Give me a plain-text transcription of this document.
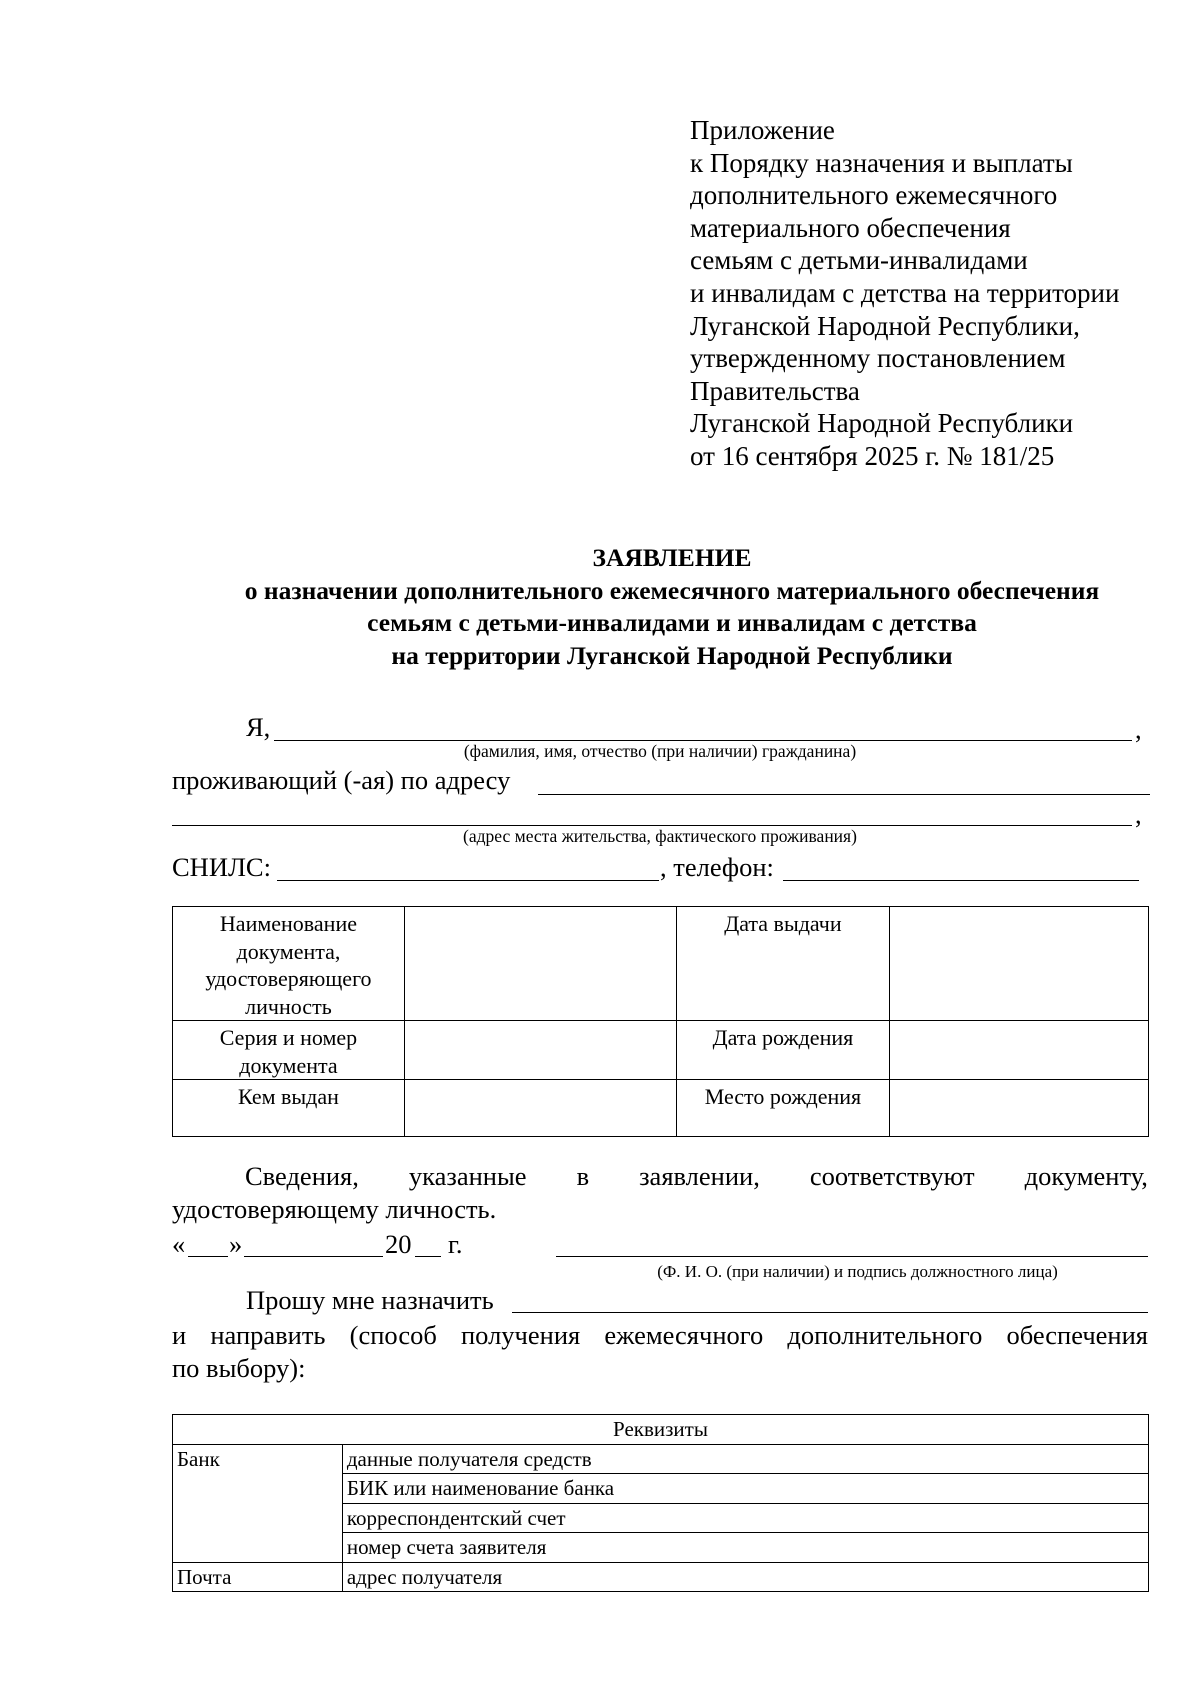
Приложение
к Порядку назначения и выплаты
дополнительного ежемесячного
материального обеспечения
семьям с детьми-инвалидами
и инвалидам с детства на территории
Луганской Народной Республики,
утвержденному постановлением
Правительства
Луганской Народной Республики
от 16 сентября 2025 г. № 181/25
ЗАЯВЛЕНИЕ
о назначении дополнительного ежемесячного материального обеспечения
семьям с детьми-инвалидами и инвалидам с детства
на территории Луганской Народной Республики
Я,	,
(фамилия, имя, отчество (при наличии) гражданина)
проживающий (-ая) по адресу
,
(адрес места жительства, фактического проживания)
СНИЛС:	, телефон:
Наименование документа, удостоверяющего личность		Дата выдачи	
Серия и номер документа		Дата рождения	
Кем выдан		Место рождения	
Сведения, указанные в заявлении, соответствуют документу,
удостоверяющему личность.
« »	20 г.
(Ф. И. О. (при наличии) и подпись должностного лица)
Прошу мне назначить
и направить (способ получения ежемесячного дополнительного обеспечения
по выбору):
Реквизиты	
Банк	данные получателя средств
	БИК или наименование банка
	корреспондентский счет
	номер счета заявителя
Почта	адрес получателя
